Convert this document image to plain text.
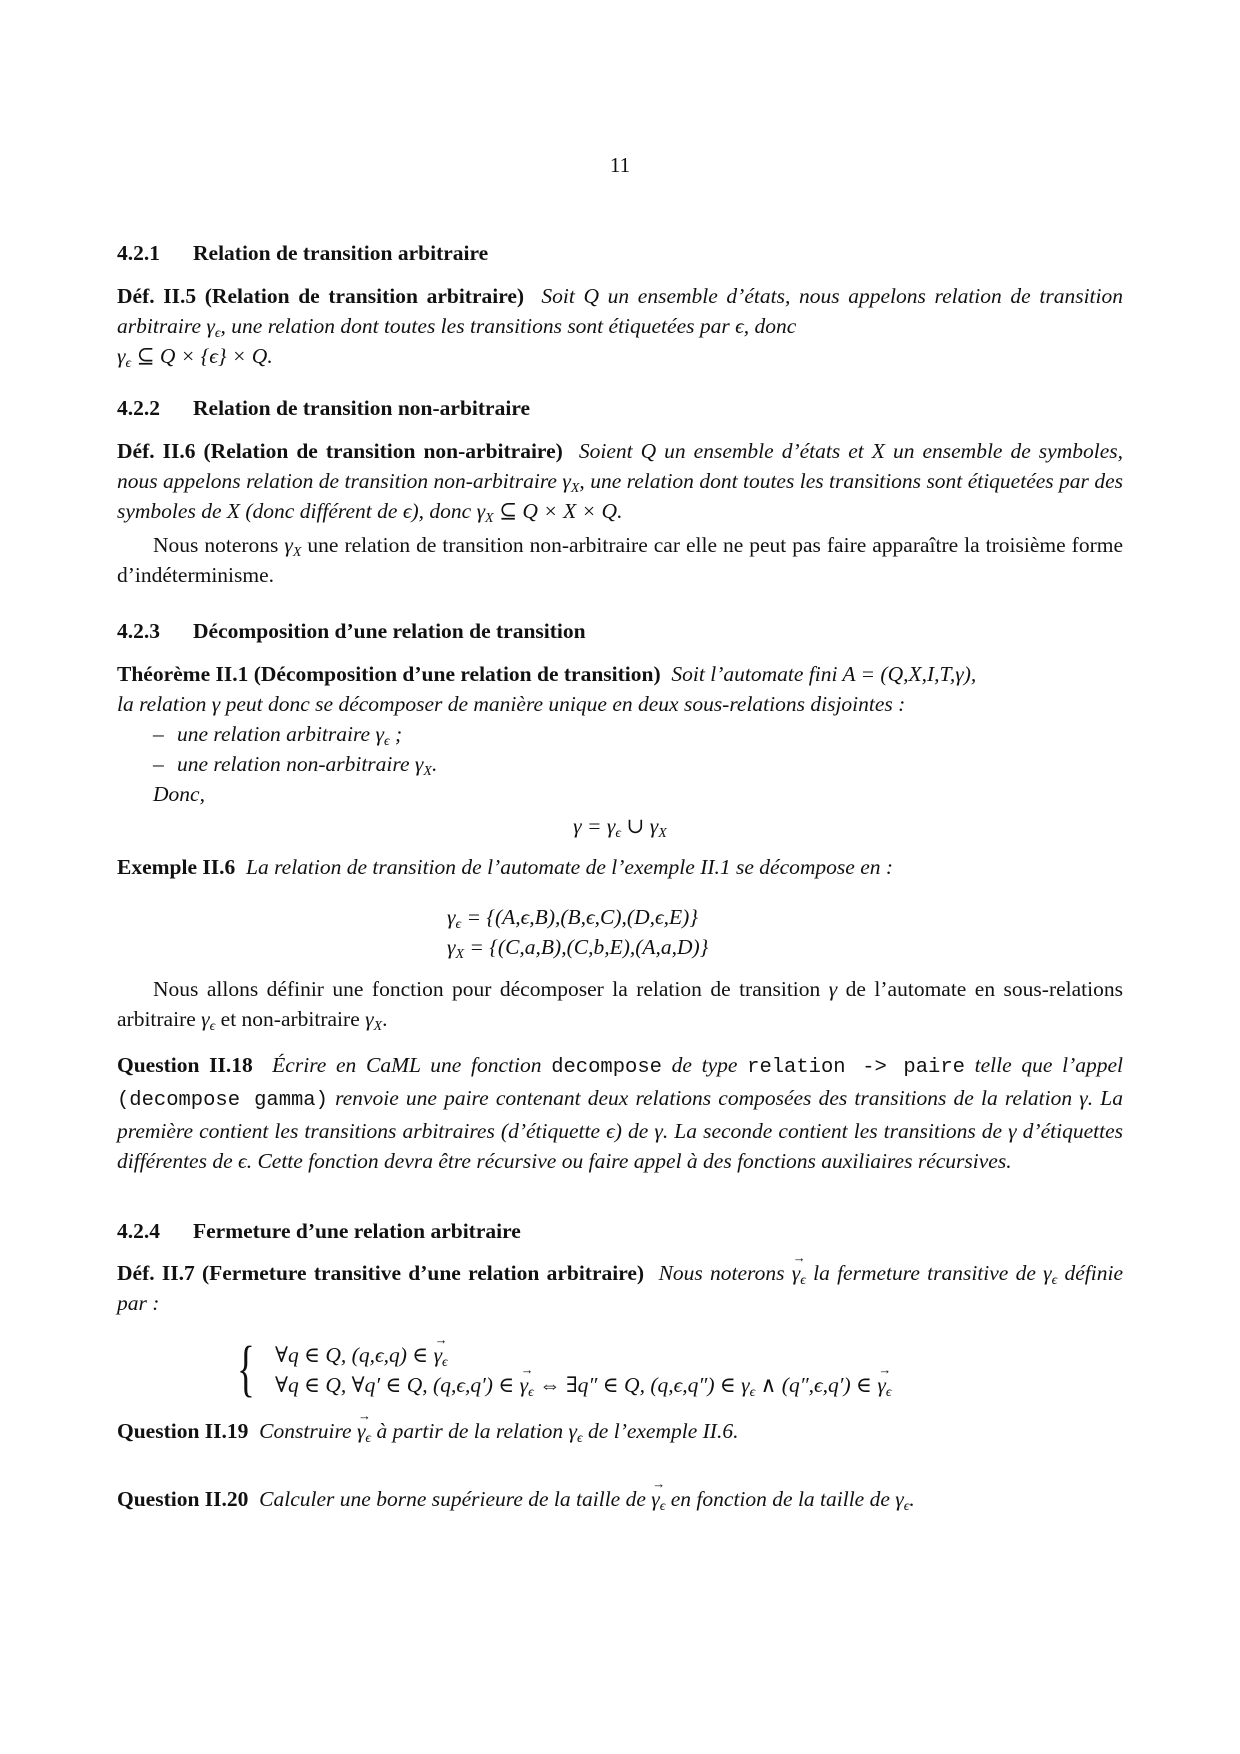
11

4.2.1 Relation de transition arbitraire

Déf. II.5 (Relation de transition arbitraire) Soit Q un ensemble d’états, nous appelons relation de transition arbitraire $\gamma_\epsilon$, une relation dont toutes les transitions sont étiquetées par ϵ, donc
$\gamma_\epsilon$ ⊆ Q × {ϵ} × Q.

4.2.2 Relation de transition non-arbitraire

Déf. II.6 (Relation de transition non-arbitraire) Soient Q un ensemble d’états et X un ensemble de symboles, nous appelons relation de transition non-arbitraire $\gamma_X$, une relation dont toutes les transitions sont étiquetées par des symboles de X (donc différent de ϵ), donc $\gamma_X$ ⊆ Q × X × Q.

Nous noterons $\gamma_X$ une relation de transition non-arbitraire car elle ne peut pas faire apparaître la troisième forme d’indéterminisme.

4.2.3 Décomposition d’une relation de transition

Théorème II.1 (Décomposition d’une relation de transition) Soit l’automate fini A = (Q,X,I,T,γ),
la relation γ peut donc se décomposer de manière unique en deux sous-relations disjointes :

– une relation arbitraire $\gamma_\epsilon$ ;
– une relation non-arbitraire $\gamma_X$.

Donc,

$\gamma = \gamma_\epsilon$ ∪ $\gamma_X$

Exemple II.6 La relation de transition de l’automate de l’exemple II.1 se décompose en :

$\gamma_\epsilon = \{(A,\epsilon,B),(B,\epsilon,C),(D,\epsilon,E)\}$
$\gamma_X = \{(C,a,B),(C,b,E),(A,a,D)\}$

Nous allons définir une fonction pour décomposer la relation de transition γ de l’automate en sous-relations arbitraire $\gamma_\epsilon$ et non-arbitraire $\gamma_X$.

Question II.18 Écrire en CaML une fonction decompose de type relation -> paire telle que l’appel (decompose gamma) renvoie une paire contenant deux relations composées des transitions de la relation γ. La première contient les transitions arbitraires (d’étiquette ϵ) de γ. La seconde contient les transitions de γ d’étiquettes différentes de ϵ. Cette fonction devra être récursive ou faire appel à des fonctions auxiliaires récursives.

4.2.4 Fermeture d’une relation arbitraire

Déf. II.7 (Fermeture transitive d’une relation arbitraire) Nous noterons → $\gamma_\epsilon$ la fermeture transitive de $\gamma_\epsilon$ définie par :

{ ∀q ∈ Q, (q,ϵ,q) ∈ → $\gamma_\epsilon$
∀q ∈ Q, ∀q′ ∈ Q, (q,ϵ,q′) ∈ → $\gamma_\epsilon$ ⇔ ∃q″ ∈ Q, (q,ϵ,q″) ∈ $\gamma_\epsilon$ ∧ (q″,ϵ,q′) ∈ → $\gamma_\epsilon$

Question II.19 Construire → $\gamma_\epsilon$ à partir de la relation $\gamma_\epsilon$ de l’exemple II.6.

Question II.20 Calculer une borne supérieure de la taille de → $\gamma_\epsilon$ en fonction de la taille de $\gamma_\epsilon$.
